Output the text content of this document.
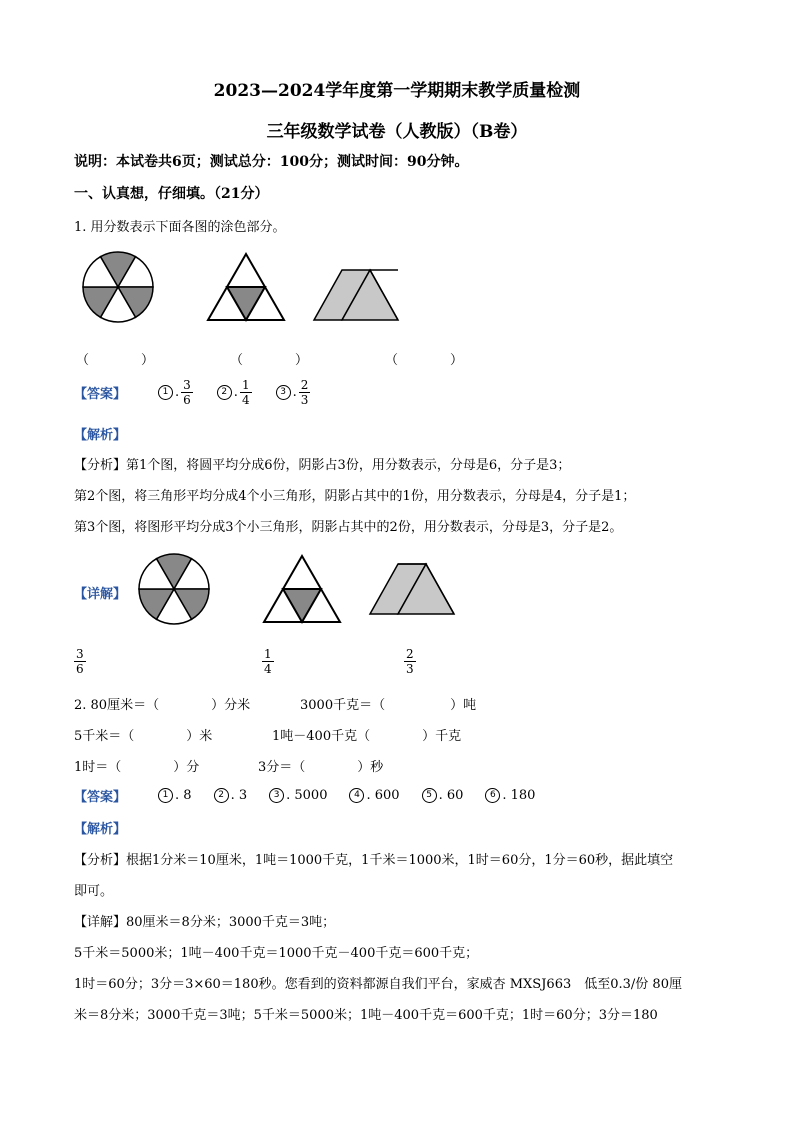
2023—2024学年度第一学期期末教学质量检测
三年级数学试卷（人教版）（B卷）
说明：本试卷共6页；测试总分：100分；测试时间：90分钟。
一、认真想，仔细填。（21分）
1. 用分数表示下面各图的涂色部分。
（　　　　）	（　　　　）	（　　　　）
【答案】	1 . $\frac{3}{6}$	2 . $\frac{1}{4}$	3 . $\frac{2}{3}$
【解析】
【分析】第1个图，将圆平均分成6份，阴影占3份，用分数表示，分母是6，分子是3；
第2个图，将三角形平均分成4个小三角形，阴影占其中的1份，用分数表示，分母是4，分子是1；
第3个图，将图形平均分成3个小三角形，阴影占其中的2份，用分数表示，分母是3，分子是2。
【详解】
$\frac{3}{6}$	$\frac{1}{4}$	$\frac{2}{3}$
2. 80厘米＝（　　　　）分米	3000千克＝（　　　　　）吨
5千米＝（　　　　）米	1吨－400千克（　　　　）千克
1时＝（　　　　）分	3分＝（　　　　）秒
【答案】	1 . 8	2 . 3	3 . 5000	4 . 600	5 . 60	6 . 180
【解析】
【分析】根据1分米＝10厘米，1吨＝1000千克，1千米＝1000米，1时＝60分，1分＝60秒，据此填空
即可。
【详解】80厘米＝8分米；3000千克＝3吨；
5千米＝5000米；1吨－400千克＝1000千克－400千克＝600千克；
1时＝60分；3分＝3×60＝180秒。您看到的资料都源自我们平台，家威杏 MXSJ663　低至0.3/份 80厘
米＝8分米；3000千克＝3吨；5千米＝5000米；1吨－400千克＝600千克；1时＝60分；3分＝180
